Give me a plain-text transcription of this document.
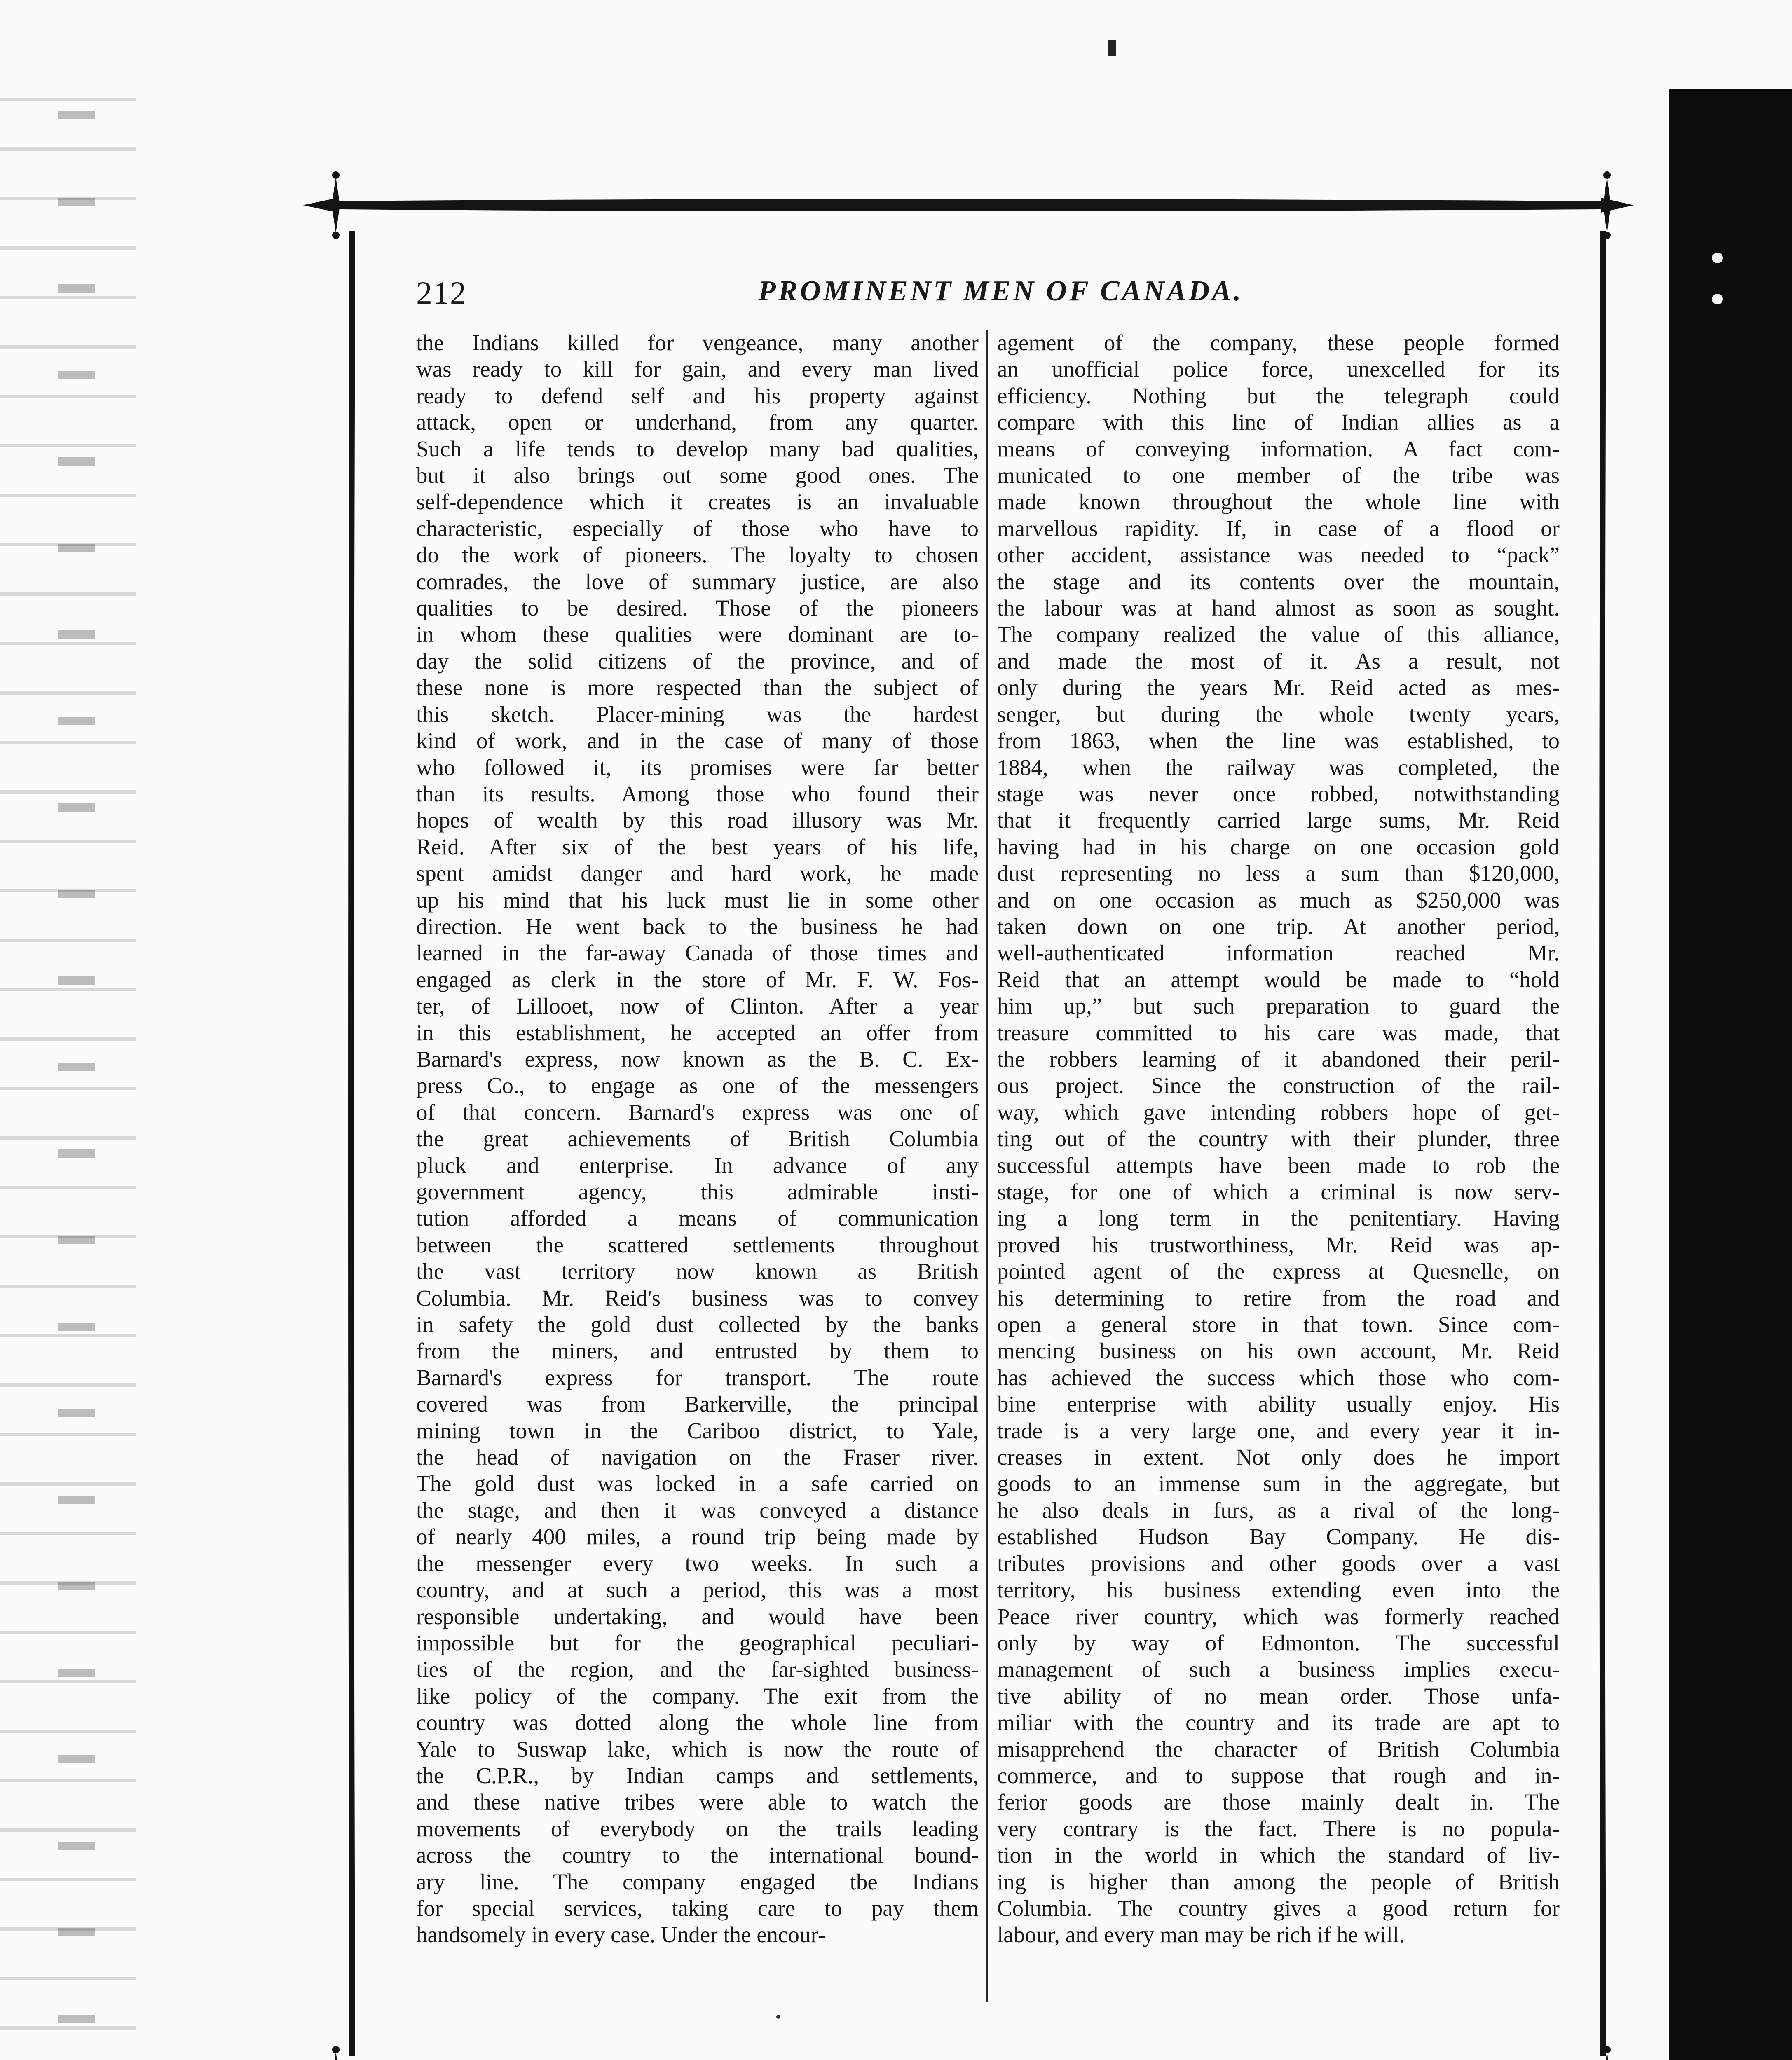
212	PROMINENT MEN OF CANADA.
the Indians killed for vengeance, many another
was ready to kill for gain, and every man lived
ready to defend self and his property against
attack, open or underhand, from any quarter.
Such a life tends to develop many bad qualities,
but it also brings out some good ones. The
self-dependence which it creates is an invaluable
characteristic, especially of those who have to
do the work of pioneers. The loyalty to chosen
comrades, the love of summary justice, are also
qualities to be desired. Those of the pioneers
in whom these qualities were dominant are to-
day the solid citizens of the province, and of
these none is more respected than the subject of
this sketch. Placer-mining was the hardest
kind of work, and in the case of many of those
who followed it, its promises were far better
than its results. Among those who found their
hopes of wealth by this road illusory was Mr.
Reid. After six of the best years of his life,
spent amidst danger and hard work, he made
up his mind that his luck must lie in some other
direction. He went back to the business he had
learned in the far-away Canada of those times and
engaged as clerk in the store of Mr. F. W. Fos-
ter, of Lillooet, now of Clinton. After a year
in this establishment, he accepted an offer from
Barnard's express, now known as the B. C. Ex-
press Co., to engage as one of the messengers
of that concern. Barnard's express was one of
the great achievements of British Columbia
pluck and enterprise. In advance of any
government agency, this admirable insti-
tution afforded a means of communication
between the scattered settlements throughout
the vast territory now known as British
Columbia. Mr. Reid's business was to convey
in safety the gold dust collected by the banks
from the miners, and entrusted by them to
Barnard's express for transport. The route
covered was from Barkerville, the principal
mining town in the Cariboo district, to Yale,
the head of navigation on the Fraser river.
The gold dust was locked in a safe carried on
the stage, and then it was conveyed a distance
of nearly 400 miles, a round trip being made by
the messenger every two weeks. In such a
country, and at such a period, this was a most
responsible undertaking, and would have been
impossible but for the geographical peculiari-
ties of the region, and the far-sighted business-
like policy of the company. The exit from the
country was dotted along the whole line from
Yale to Suswap lake, which is now the route of
the C.P.R., by Indian camps and settlements,
and these native tribes were able to watch the
movements of everybody on the trails leading
across the country to the international bound-
ary line. The company engaged tbe Indians
for special services, taking care to pay them
handsomely in every case. Under the encour-
agement of the company, these people formed
an unofficial police force, unexcelled for its
efficiency. Nothing but the telegraph could
compare with this line of Indian allies as a
means of conveying information. A fact com-
municated to one member of the tribe was
made known throughout the whole line with
marvellous rapidity. If, in case of a flood or
other accident, assistance was needed to “pack”
the stage and its contents over the mountain,
the labour was at hand almost as soon as sought.
The company realized the value of this alliance,
and made the most of it. As a result, not
only during the years Mr. Reid acted as mes-
senger, but during the whole twenty years,
from 1863, when the line was established, to
1884, when the railway was completed, the
stage was never once robbed, notwithstanding
that it frequently carried large sums, Mr. Reid
having had in his charge on one occasion gold
dust representing no less a sum than $120,000,
and on one occasion as much as $250,000 was
taken down on one trip. At another period,
well-authenticated information reached Mr.
Reid that an attempt would be made to “hold
him up,” but such preparation to guard the
treasure committed to his care was made, that
the robbers learning of it abandoned their peril-
ous project. Since the construction of the rail-
way, which gave intending robbers hope of get-
ting out of the country with their plunder, three
successful attempts have been made to rob the
stage, for one of which a criminal is now serv-
ing a long term in the penitentiary. Having
proved his trustworthiness, Mr. Reid was ap-
pointed agent of the express at Quesnelle, on
his determining to retire from the road and
open a general store in that town. Since com-
mencing business on his own account, Mr. Reid
has achieved the success which those who com-
bine enterprise with ability usually enjoy. His
trade is a very large one, and every year it in-
creases in extent. Not only does he import
goods to an immense sum in the aggregate, but
he also deals in furs, as a rival of the long-
established Hudson Bay Company. He dis-
tributes provisions and other goods over a vast
territory, his business extending even into the
Peace river country, which was formerly reached
only by way of Edmonton. The successful
management of such a business implies execu-
tive ability of no mean order. Those unfa-
miliar with the country and its trade are apt to
misapprehend the character of British Columbia
commerce, and to suppose that rough and in-
ferior goods are those mainly dealt in. The
very contrary is the fact. There is no popula-
tion in the world in which the standard of liv-
ing is higher than among the people of British
Columbia. The country gives a good return for
labour, and every man may be rich if he will.
